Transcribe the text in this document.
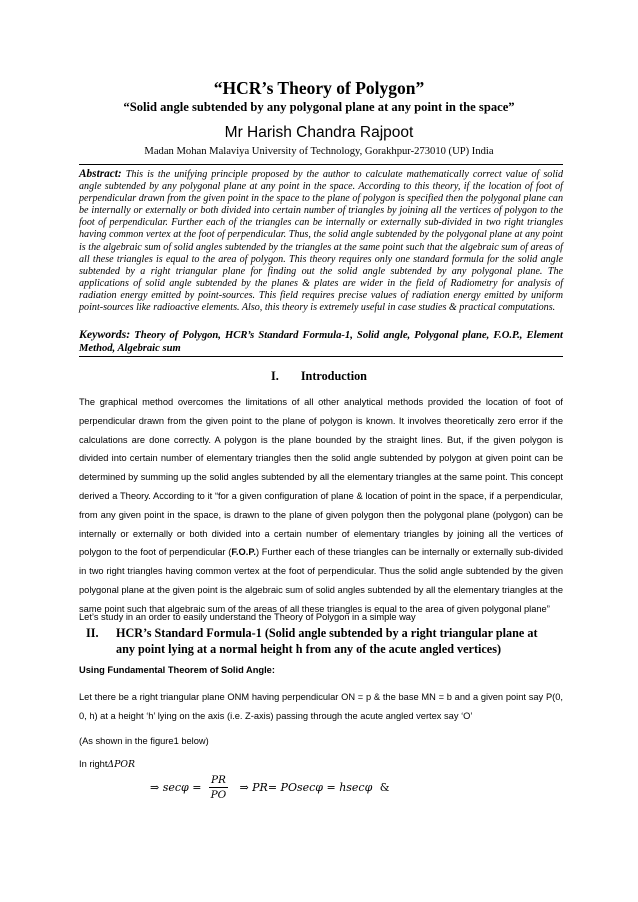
“HCR’s Theory of Polygon”
“Solid angle subtended by any polygonal plane at any point in the space”
Mr Harish Chandra Rajpoot
Madan Mohan Malaviya University of Technology, Gorakhpur-273010 (UP) India
Abstract: This is the unifying principle proposed by the author to calculate mathematically correct value of solid angle subtended by any polygonal plane at any point in the space. According to this theory, if the location of foot of perpendicular drawn from the given point in the space to the plane of polygon is specified then the polygonal plane can be internally or externally or both divided into certain number of triangles by joining all the vertices of polygon to the foot of perpendicular. Further each of the triangles can be internally or externally sub-divided in two right triangles having common vertex at the foot of perpendicular. Thus, the solid angle subtended by the polygonal plane at any point is the algebraic sum of solid angles subtended by the triangles at the same point such that the algebraic sum of areas of all these triangles is equal to the area of polygon. This theory requires only one standard formula for the solid angle subtended by a right triangular plane for finding out the solid angle subtended by any polygonal plane. The applications of solid angle subtended by the planes & plates are wider in the field of Radiometry for analysis of radiation energy emitted by point-sources. This field requires precise values of radiation energy emitted by uniform point-sources like radioactive elements. Also, this theory is extremely useful in case studies & practical computations.
Keywords: Theory of Polygon, HCR’s Standard Formula-1, Solid angle, Polygonal plane, F.O.P., Element Method, Algebraic sum
I. Introduction
The graphical method overcomes the limitations of all other analytical methods provided the location of foot of perpendicular drawn from the given point to the plane of polygon is known. It involves theoretically zero error if the calculations are done correctly. A polygon is the plane bounded by the straight lines. But, if the given polygon is divided into certain number of elementary triangles then the solid angle subtended by polygon at given point can be determined by summing up the solid angles subtended by all the elementary triangles at the same point. This concept derived a Theory. According to it “for a given configuration of plane & location of point in the space, if a perpendicular, from any given point in the space, is drawn to the plane of given polygon then the polygonal plane (polygon) can be internally or externally or both divided into a certain number of elementary triangles by joining all the vertices of polygon to the foot of perpendicular (F.O.P.) Further each of these triangles can be internally or externally sub-divided in two right triangles having common vertex at the foot of perpendicular. Thus the solid angle subtended by the given polygonal plane at the given point is the algebraic sum of solid angles subtended by all the elementary triangles at the same point such that algebraic sum of the areas of all these triangles is equal to the area of given polygonal plane”
Let’s study in an order to easily understand the Theory of Polygon in a simple way
II.	HCR’s Standard Formula-1 (Solid angle subtended by a right triangular plane at any point lying at a normal height h from any of the acute angled vertices)
Using Fundamental Theorem of Solid Angle:
Let there be a right triangular plane ONM having perpendicular ON = p & the base MN = b and a given point say P(0, 0, h) at a height ‘h’ lying on the axis (i.e. Z-axis) passing through the acute angled vertex say ‘O’
(As shown in the figure1 below)
In rightΔPOR
⇒ $\sec\varphi = \frac{PR}{PO}$ ⇒ PR= POsecφ = hsecφ &
